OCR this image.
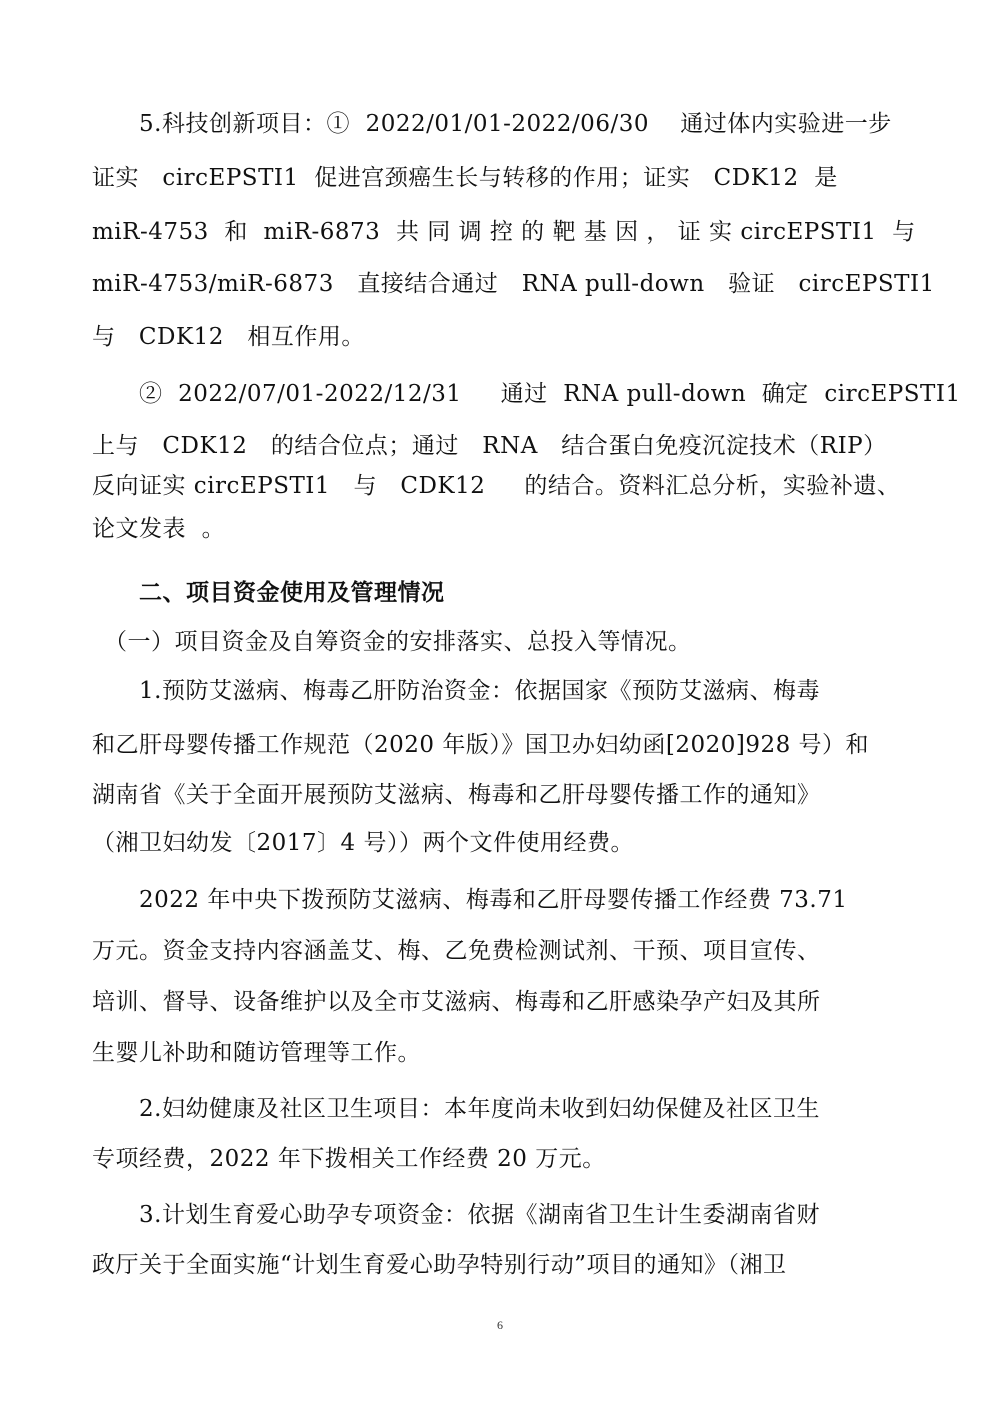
　　5.科技创新项目：①  2022/01/01-2022/06/30    通过体内实验进一步
证实   circEPSTI1  促进宫颈癌生长与转移的作用；证实   CDK12  是
miR-4753  和  miR-6873  共 同 调 控 的 靶 基 因 ， 证 实 circEPSTI1  与
miR-4753/miR-6873   直接结合通过   RNA pull-down   验证   circEPSTI1
与   CDK12   相互作用。
　　②  2022/07/01-2022/12/31     通过  RNA pull-down  确定  circEPSTI1
上与   CDK12   的结合位点；通过   RNA   结合蛋白免疫沉淀技术（RIP）
反向证实 circEPSTI1   与   CDK12     的结合。资料汇总分析，实验补遗、
论文发表  。
　　二、项目资金使用及管理情况
　（一）项目资金及自筹资金的安排落实、总投入等情况。
　　1.预防艾滋病、梅毒乙肝防治资金：依据国家《预防艾滋病、梅毒
和乙肝母婴传播工作规范（2020 年版）》国卫办妇幼函[2020]928 号）和
湖南省《关于全面开展预防艾滋病、梅毒和乙肝母婴传播工作的通知》
（湘卫妇幼发〔2017〕4 号））两个文件使用经费。
　　2022 年中央下拨预防艾滋病、梅毒和乙肝母婴传播工作经费 73.71
万元。资金支持内容涵盖艾、梅、乙免费检测试剂、干预、项目宣传、
培训、督导、设备维护以及全市艾滋病、梅毒和乙肝感染孕产妇及其所
生婴儿补助和随访管理等工作。
　　2.妇幼健康及社区卫生项目：本年度尚未收到妇幼保健及社区卫生
专项经费，2022 年下拨相关工作经费 20 万元。
　　3.计划生育爱心助孕专项资金：依据《湖南省卫生计生委湖南省财
政厅关于全面实施“计划生育爱心助孕特别行动”项目的通知》（湘卫
6
